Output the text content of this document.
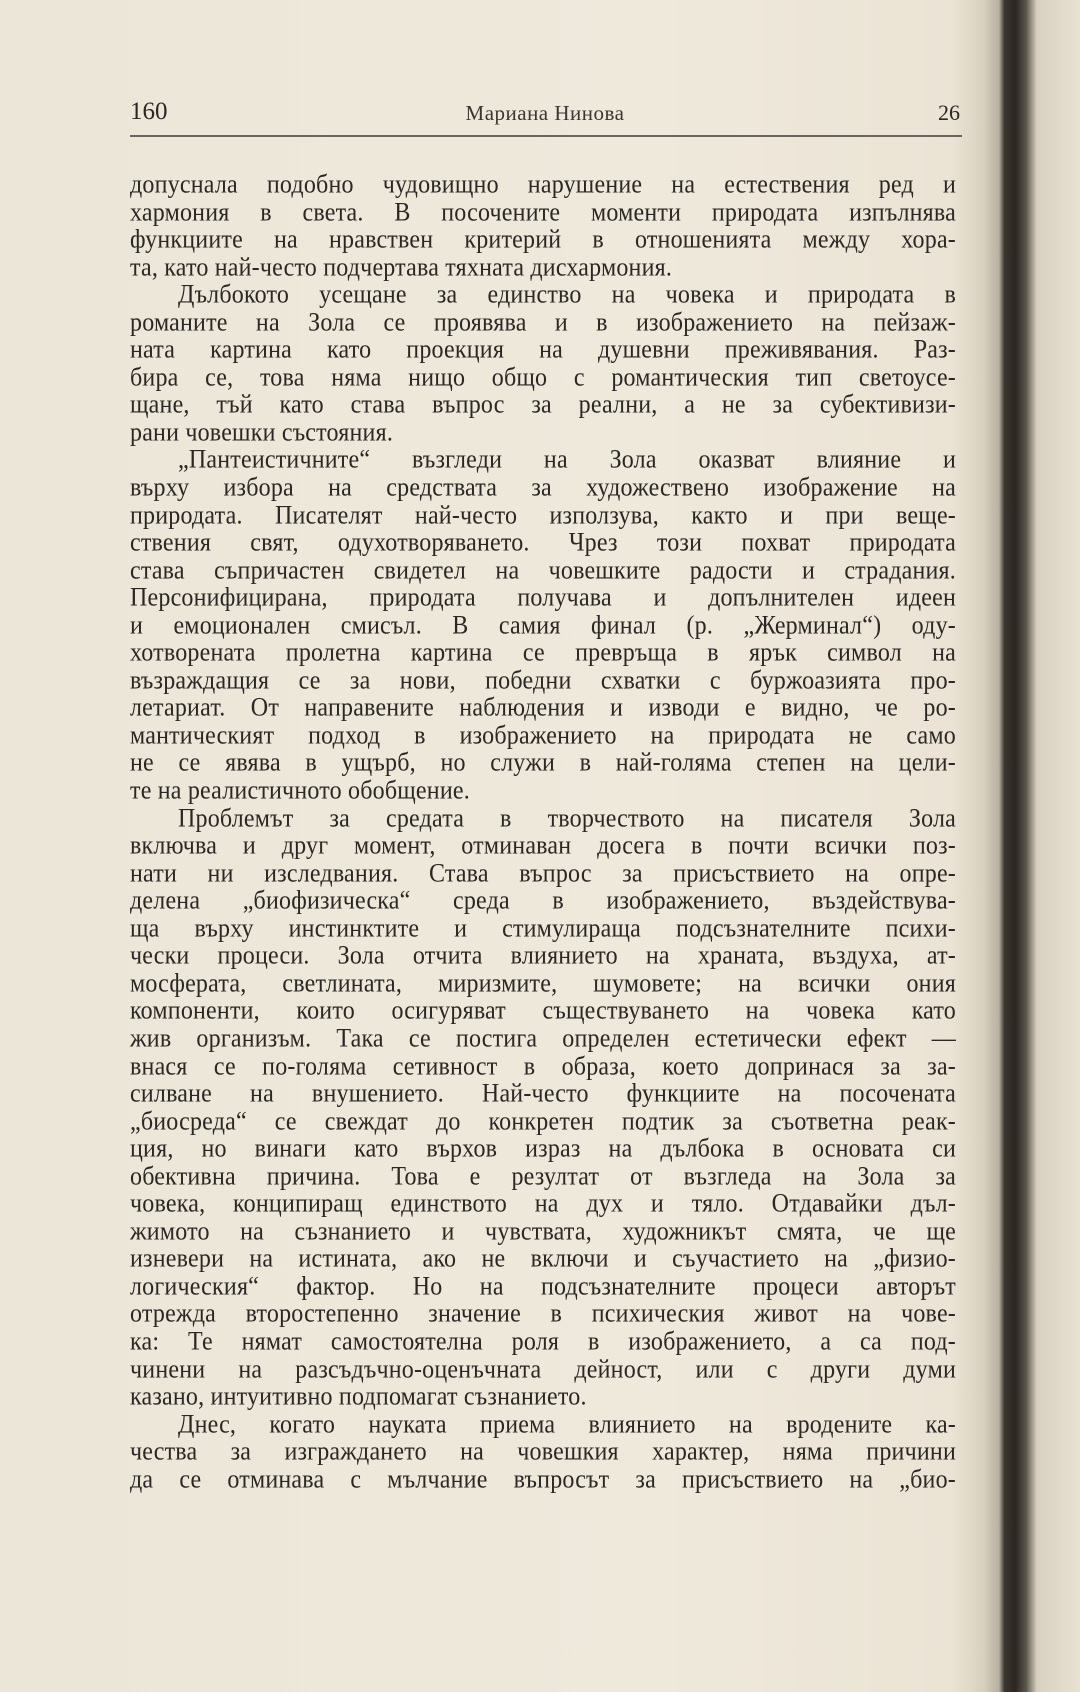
160	Мариана Нинова	26
допуснала подобно чудовищно нарушение на естествения ред и
хармония в света. В посочените моменти природата изпълнява
функциите на нравствен критерий в отношенията между хора-
та, като най-често подчертава тяхната дисхармония.
Дълбокото усещане за единство на човека и природата в
романите на Зола се проявява и в изображението на пейзаж-
ната картина като проекция на душевни преживявания. Раз-
бира се, това няма нищо общо с романтическия тип светоусе-
щане, тъй като става въпрос за реални, а не за субективизи-
рани човешки състояния.
„Пантеистичните“ възгледи на Зола оказват влияние и
върху избора на средствата за художествено изображение на
природата. Писателят най-често използува, както и при веще-
ствения свят, одухотворяването. Чрез този похват природата
става съпричастен свидетел на човешките радости и страдания.
Персонифицирана, природата получава и допълнителен идеен
и емоционален смисъл. В самия финал (р. „Жерминал“) оду-
хотворената пролетна картина се превръща в ярък символ на
възраждащия се за нови, победни схватки с буржоазията про-
летариат. От направените наблюдения и изводи е видно, че ро-
мантическият подход в изображението на природата не само
не се явява в ущърб, но служи в най-голяма степен на цели-
те на реалистичното обобщение.
Проблемът за средата в творчеството на писателя Зола
включва и друг момент, отминаван досега в почти всички поз-
нати ни изследвания. Става въпрос за присъствието на опре-
делена „биофизическа“ среда в изображението, въздействува-
ща върху инстинктите и стимулираща подсъзнателните психи-
чески процеси. Зола отчита влиянието на храната, въздуха, ат-
мосферата, светлината, миризмите, шумовете; на всички ония
компоненти, които осигуряват съществуването на човека като
жив организъм. Така се постига определен естетически ефект —
внася се по-голяма сетивност в образа, което допринася за за-
силване на внушението. Най-често функциите на посочената
„биосреда“ се свеждат до конкретен подтик за съответна реак-
ция, но винаги като върхов израз на дълбока в основата си
обективна причина. Това е резултат от възгледа на Зола за
човека, конципиращ единството на дух и тяло. Отдавайки дъл-
жимото на съзнанието и чувствата, художникът смята, че ще
изневери на истината, ако не включи и съучастието на „физио-
логическия“ фактор. Но на подсъзнателните процеси авторът
отрежда второстепенно значение в психическия живот на чове-
ка: Те нямат самостоятелна роля в изображението, а са под-
чинени на разсъдъчно-оценъчната дейност, или с други думи
казано, интуитивно подпомагат съзнанието.
Днес, когато науката приема влиянието на вродените ка-
чества за изграждането на човешкия характер, няма причини
да се отминава с мълчание въпросът за присъствието на „био-
